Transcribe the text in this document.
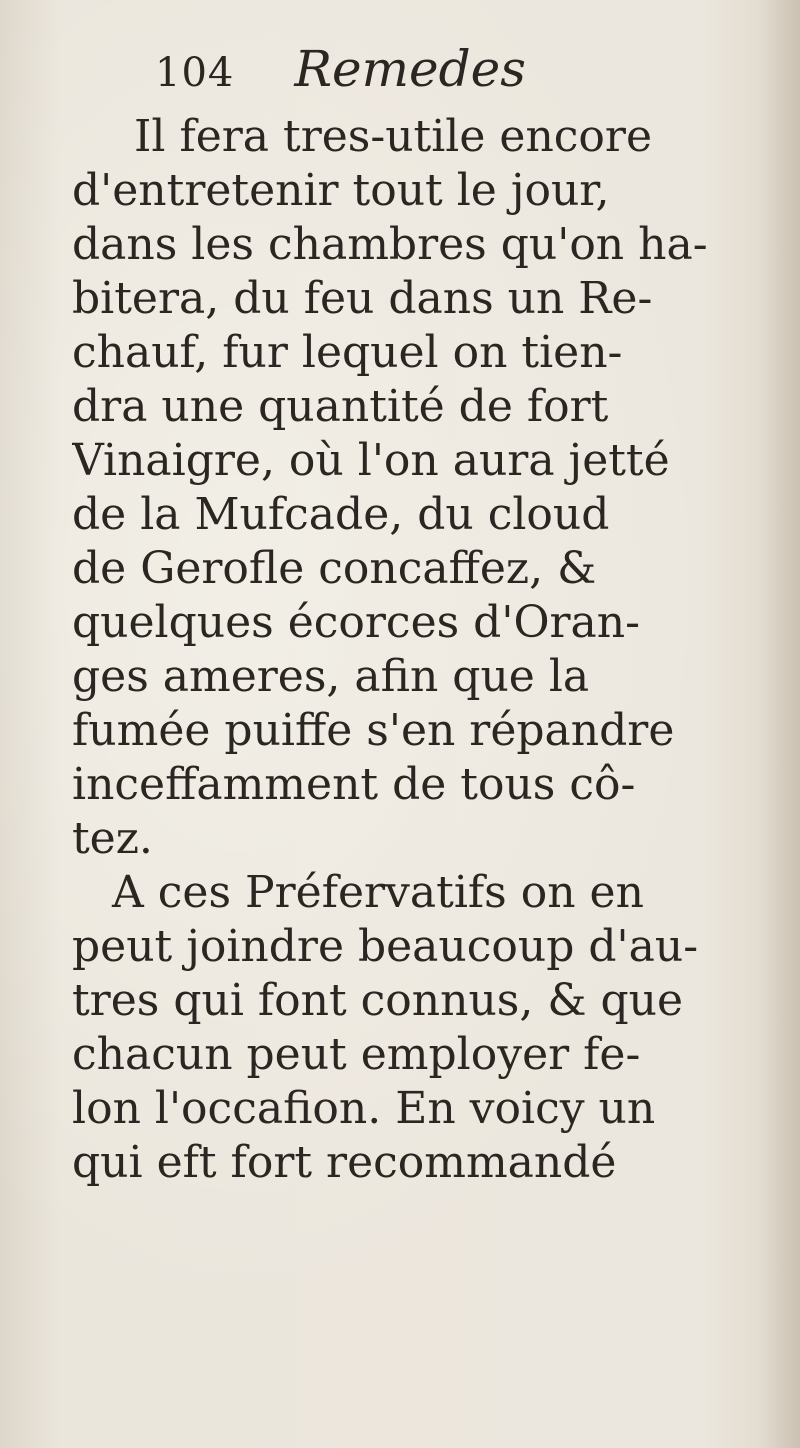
104 Remedes
Il fera tres-utile encore
d'entretenir tout le jour,
dans les chambres qu'on ha-
bitera, du feu dans un Re-
chauf, fur lequel on tien-
dra une quantité de fort
Vinaigre, où l'on aura jetté
de la Mufcade, du cloud
de Gerofle concaffez, &
quelques écorces d'Oran-
ges ameres, afin que la
fumée puiffe s'en répandre
inceffamment de tous cô-
tez.
A ces Préfervatifs on en
peut joindre beaucoup d'au-
tres qui font connus, & que
chacun peut employer fe-
lon l'occafion. En voicy un
qui eft fort recommandé
